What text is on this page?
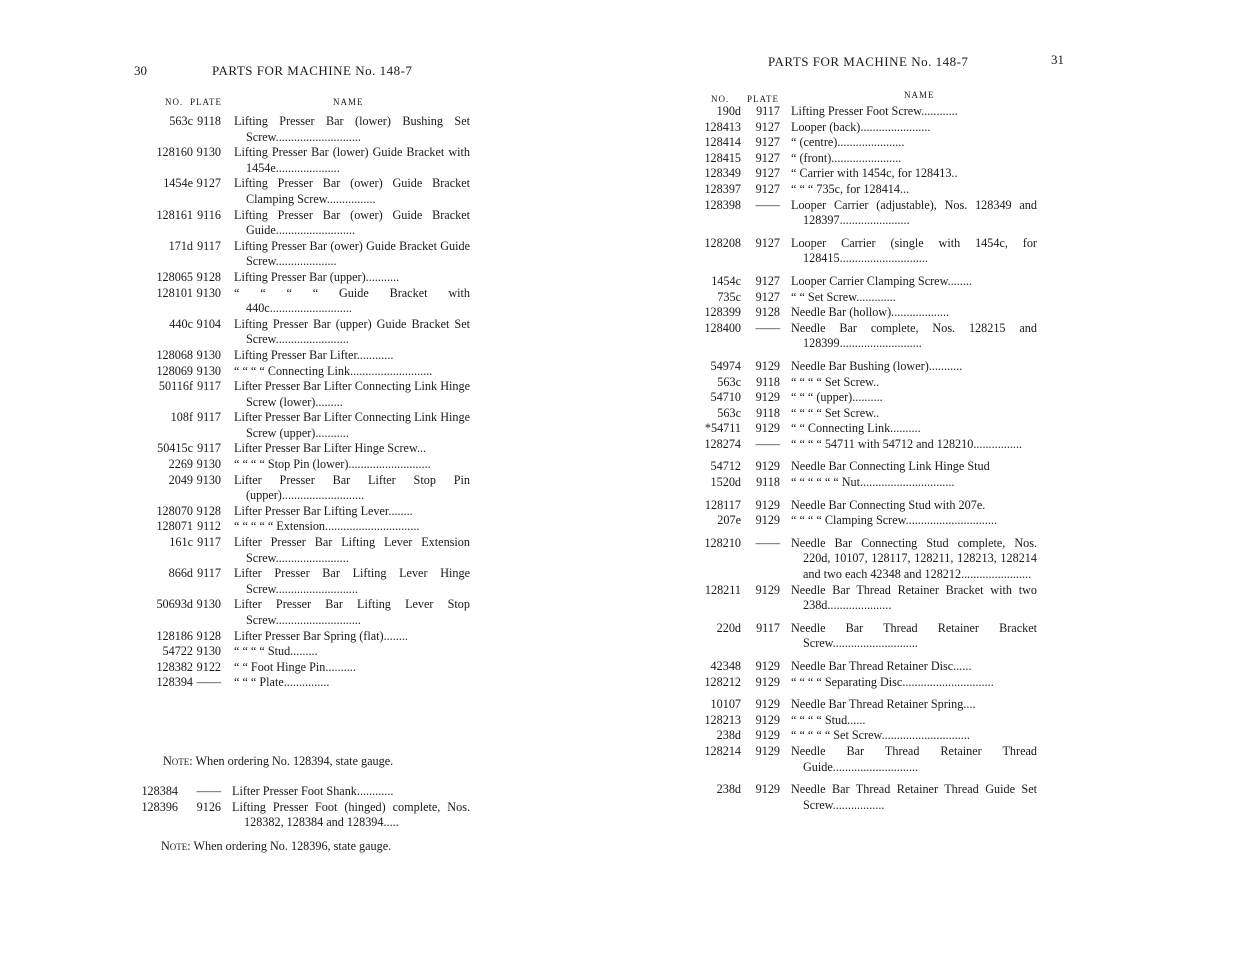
30	PARTS FOR MACHINE No. 148-7
NO. PLATE	NAME
563c 9118 Lifting Presser Bar (lower) Bushing Set Screw............................
128160 9130 Lifting Presser Bar (lower) Guide Bracket with 1454e.....................
1454e 9127 Lifting Presser Bar (ower) Guide Bracket Clamping Screw................
128161 9116 Lifting Presser Bar (ower) Guide Bracket Guide..........................
171d 9117 Lifting Presser Bar (ower) Guide Bracket Guide Screw....................
128065 9128 Lifting Presser Bar (upper)...........
128101 9130 “ “ “ “ Guide Bracket with 440c...........................
440c 9104 Lifting Presser Bar (upper) Guide Bracket Set Screw........................
128068 9130 Lifting Presser Bar Lifter............
128069 9130 “ “ “ “ Connecting Link...........................
50116f 9117 Lifter Presser Bar Lifter Connecting Link Hinge Screw (lower).........
108f 9117 Lifter Presser Bar Lifter Connecting Link Hinge Screw (upper)...........
50415c 9117 Lifter Presser Bar Lifter Hinge Screw...
2269 9130 “ “ “ “ Stop Pin (lower)...........................
2049 9130 Lifter Presser Bar Lifter Stop Pin (upper)...........................
128070 9128 Lifter Presser Bar Lifting Lever........
128071 9112 “ “ “ “ “ Extension...............................
161c 9117 Lifter Presser Bar Lifting Lever Extension Screw........................
866d 9117 Lifter Presser Bar Lifting Lever Hinge Screw...........................
50693d 9130 Lifter Presser Bar Lifting Lever Stop Screw............................
128186 9128 Lifter Presser Bar Spring (flat)........
54722 9130 “ “ “ “ Stud.........
128382 9122 “ “ Foot Hinge Pin..........
128394 —— “ “ “ Plate...............
Note: When ordering No. 128394, state gauge.
128384 —— Lifter Presser Foot Shank............
128396 9126 Lifting Presser Foot (hinged) complete, Nos. 128382, 128384 and 128394.....
Note: When ordering No. 128396, state gauge.
PARTS FOR MACHINE No. 148-7	31
NO. PLATE	NAME
190d 9117 Lifting Presser Foot Screw............
128413 9127 Looper (back).......................
128414 9127 “ (centre)......................
128415 9127 “ (front).......................
128349 9127 “ Carrier with 1454c, for 128413..
128397 9127 “ “ “ 735c, for 128414...
128398 —— Looper Carrier (adjustable), Nos. 128349 and 128397.......................
128208 9127 Looper Carrier (single with 1454c, for 128415.............................
1454c 9127 Looper Carrier Clamping Screw........
735c 9127 “ “ Set Screw.............
128399 9128 Needle Bar (hollow)...................
128400 —— Needle Bar complete, Nos. 128215 and 128399...........................
54974 9129 Needle Bar Bushing (lower)...........
563c 9118 “ “ “ “ Set Screw..
54710 9129 “ “ “ (upper)..........
563c 9118 “ “ “ “ Set Screw..
*54711 9129 “ “ Connecting Link..........
128274 —— “ “ “ “ 54711 with 54712 and 128210................
54712 9129 Needle Bar Connecting Link Hinge Stud
1520d 9118 “ “ “ “ “ “ Nut...............................
128117 9129 Needle Bar Connecting Stud with 207e.
207e 9129 “ “ “ “ Clamping Screw..............................
128210 —— Needle Bar Connecting Stud complete, Nos. 220d, 10107, 128117, 128211, 128213, 128214 and two each 42348 and 128212.......................
128211 9129 Needle Bar Thread Retainer Bracket with two 238d.....................
220d 9117 Needle Bar Thread Retainer Bracket Screw............................
42348 9129 Needle Bar Thread Retainer Disc......
128212 9129 “ “ “ “ Separating Disc..............................
10107 9129 Needle Bar Thread Retainer Spring....
128213 9129 “ “ “ “ Stud......
238d 9129 “ “ “ “ “ Set Screw.............................
128214 9129 Needle Bar Thread Retainer Thread Guide............................
238d 9129 Needle Bar Thread Retainer Thread Guide Set Screw.................
